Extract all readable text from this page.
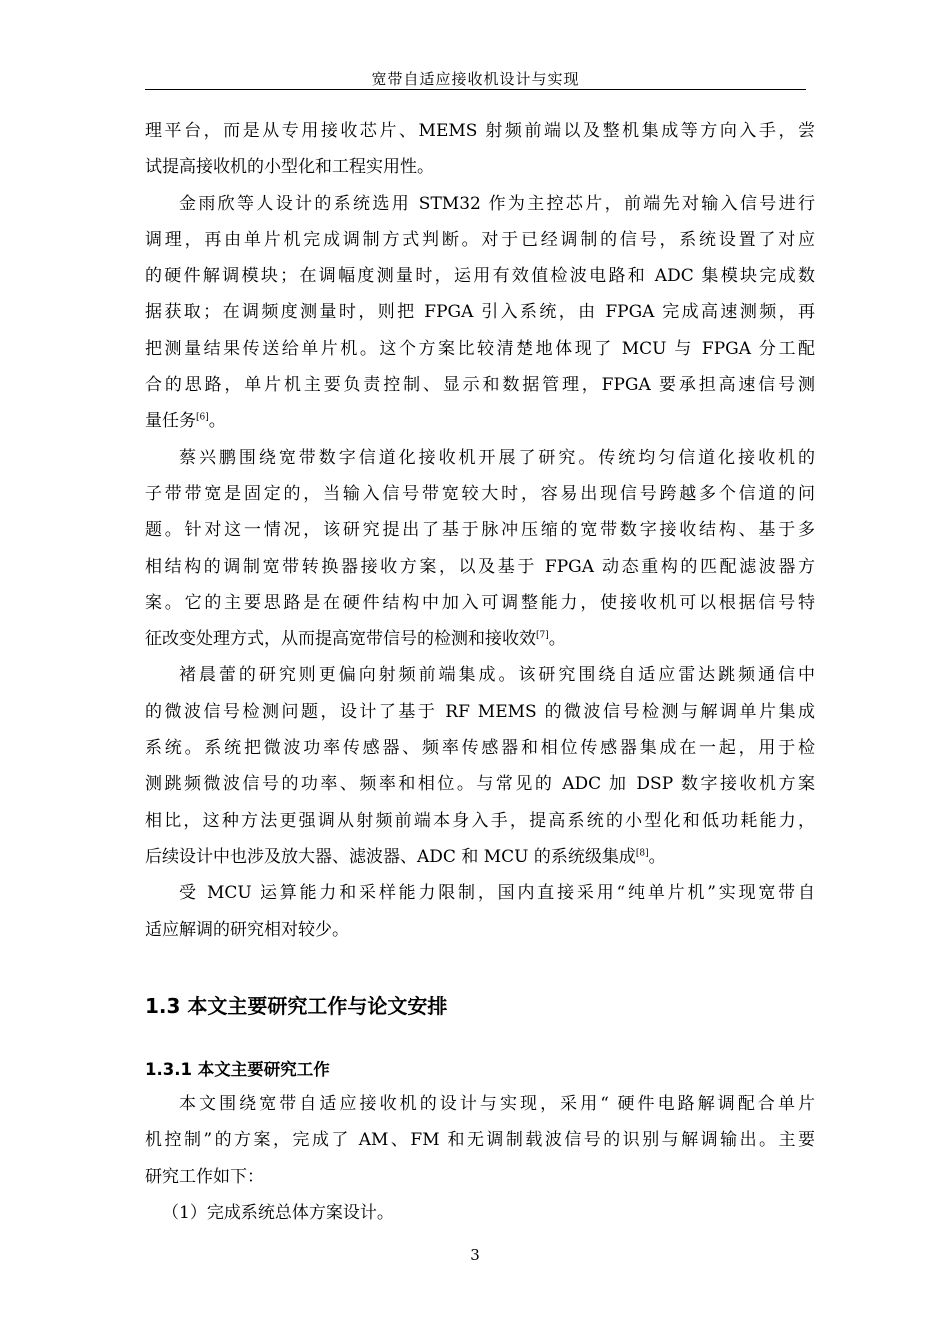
宽带自适应接收机设计与实现

理平台，而是从专用接收芯片、MEMS 射频前端以及整机集成等方向入手，尝
试提高接收机的小型化和工程实用性。

金雨欣等人设计的系统选用 STM32 作为主控芯片，前端先对输入信号进行
调理，再由单片机完成调制方式判断。对于已经调制的信号，系统设置了对应
的硬件解调模块；在调幅度测量时，运用有效值检波电路和 ADC 集模块完成数
据获取；在调频度测量时，则把 FPGA 引入系统，由 FPGA 完成高速测频，再
把测量结果传送给单片机。这个方案比较清楚地体现了 MCU 与 FPGA 分工配
合的思路，单片机主要负责控制、显示和数据管理，FPGA 要承担高速信号测
量任务[6]。

蔡兴鹏围绕宽带数字信道化接收机开展了研究。传统均匀信道化接收机的
子带带宽是固定的，当输入信号带宽较大时，容易出现信号跨越多个信道的问
题。针对这一情况，该研究提出了基于脉冲压缩的宽带数字接收结构、基于多
相结构的调制宽带转换器接收方案，以及基于 FPGA 动态重构的匹配滤波器方
案。它的主要思路是在硬件结构中加入可调整能力，使接收机可以根据信号特
征改变处理方式，从而提高宽带信号的检测和接收效[7]。

褚晨蕾的研究则更偏向射频前端集成。该研究围绕自适应雷达跳频通信中
的微波信号检测问题，设计了基于 RF MEMS 的微波信号检测与解调单片集成
系统。系统把微波功率传感器、频率传感器和相位传感器集成在一起，用于检
测跳频微波信号的功率、频率和相位。与常见的 ADC 加 DSP 数字接收机方案
相比，这种方法更强调从射频前端本身入手，提高系统的小型化和低功耗能力，
后续设计中也涉及放大器、滤波器、ADC 和 MCU 的系统级集成[8]。

受 MCU 运算能力和采样能力限制，国内直接采用“纯单片机”实现宽带自
适应解调的研究相对较少。

1.3 本文主要研究工作与论文安排
1.3.1 本文主要研究工作

本文围绕宽带自适应接收机的设计与实现，采用“ 硬件电路解调配合单片
机控制”的方案，完成了 AM、FM 和无调制载波信号的识别与解调输出。主要
研究工作如下：

（1）完成系统总体方案设计。

3
